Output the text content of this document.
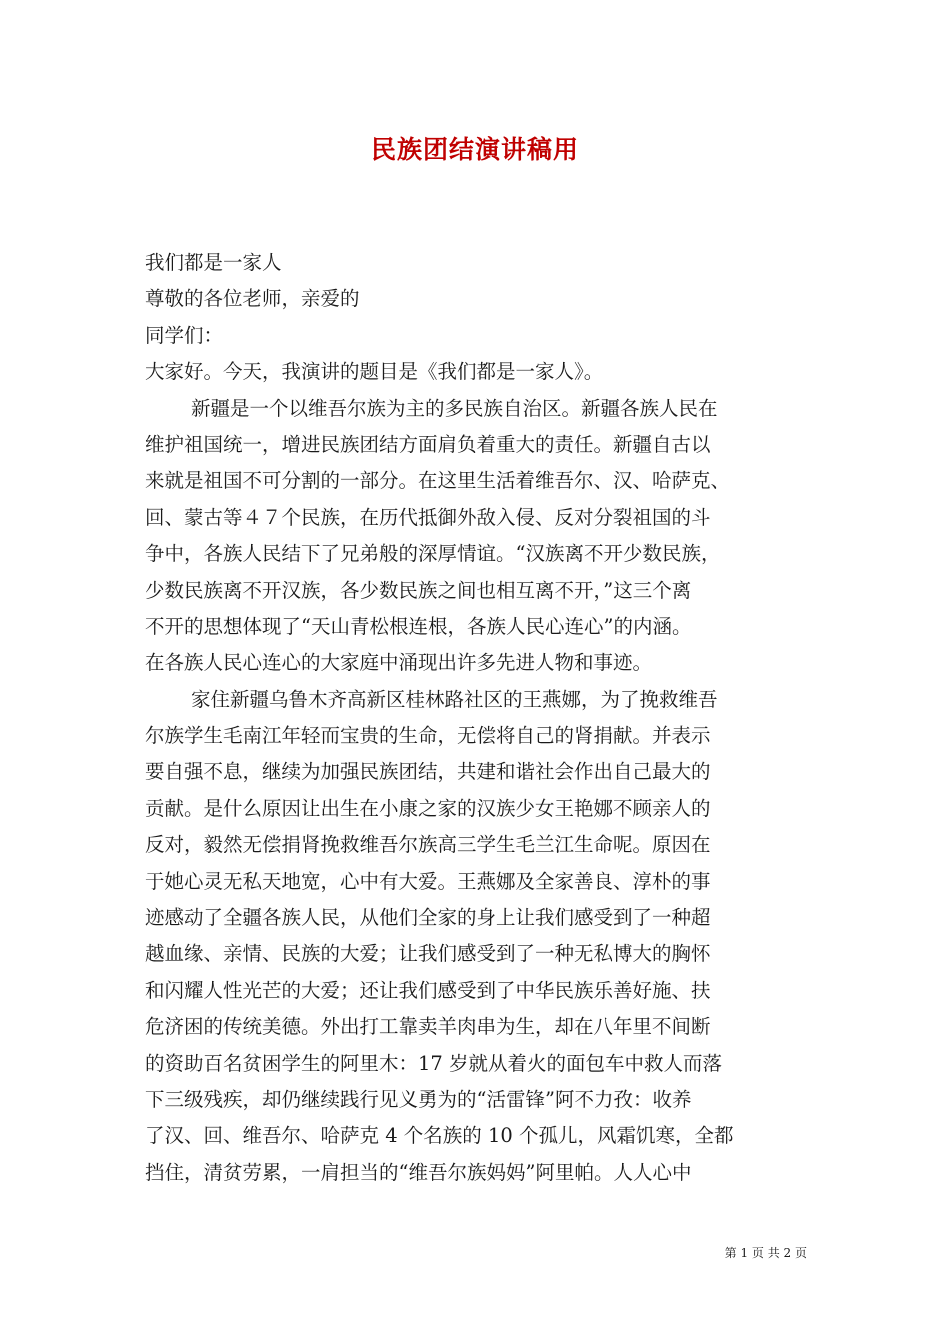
民族团结演讲稿用
我们都是一家人
尊敬的各位老师，亲爱的
同学们：
大家好。今天，我演讲的题目是《我们都是一家人》。
新疆是一个以维吾尔族为主的多民族自治区。新疆各族人民在
维护祖国统一，增进民族团结方面肩负着重大的责任。新疆自古以
来就是祖国不可分割的一部分。在这里生活着维吾尔、汉、哈萨克、
回、蒙古等４７个民族，在历代抵御外敌入侵、反对分裂祖国的斗
争中，各族人民结下了兄弟般的深厚情谊。“汉族离不开少数民族，
少数民族离不开汉族，各少数民族之间也相互离不开，”这三个离
不开的思想体现了“天山青松根连根，各族人民心连心”的内涵。
在各族人民心连心的大家庭中涌现出许多先进人物和事迹。
家住新疆乌鲁木齐高新区桂林路社区的王燕娜，为了挽救维吾
尔族学生毛南江年轻而宝贵的生命，无偿将自己的肾捐献。并表示
要自强不息，继续为加强民族团结，共建和谐社会作出自己最大的
贡献。是什么原因让出生在小康之家的汉族少女王艳娜不顾亲人的
反对，毅然无偿捐肾挽救维吾尔族高三学生毛兰江生命呢。原因在
于她心灵无私天地宽，心中有大爱。王燕娜及全家善良、淳朴的事
迹感动了全疆各族人民，从他们全家的身上让我们感受到了一种超
越血缘、亲情、民族的大爱；让我们感受到了一种无私博大的胸怀
和闪耀人性光芒的大爱；还让我们感受到了中华民族乐善好施、扶
危济困的传统美德。外出打工靠卖羊肉串为生，却在八年里不间断
的资助百名贫困学生的阿里木：17 岁就从着火的面包车中救人而落
下三级残疾，却仍继续践行见义勇为的“活雷锋”阿不力孜：收养
了汉、回、维吾尔、哈萨克 4 个名族的 10 个孤儿，风霜饥寒，全都
挡住，清贫劳累，一肩担当的“维吾尔族妈妈”阿里帕。人人心中
第 1 页 共 2 页
